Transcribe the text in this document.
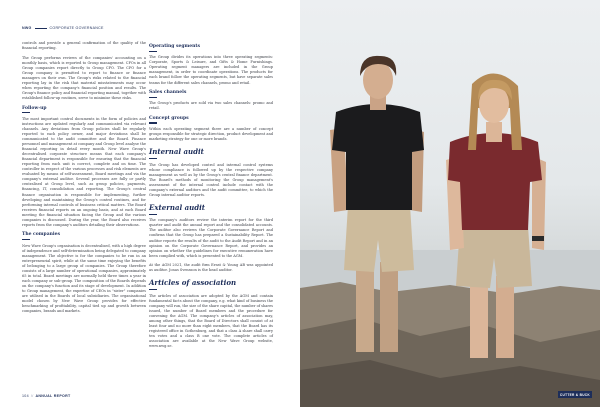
NWG	CORPORATE GOVERNANCE

controls and provide a general confirmation of the quality of the financial reporting.

The Group performs reviews of the companies' accounting on a monthly basis, which is reported to Group management. CFOs in all Group companies report directly to Group CFO. The CFO for a Group company is permitted to report to finance or finance managers on their own. The Group's risks related to the financial reporting lay in the risk that material misstatements may occur when reporting the company's financial position and results. The Group's finance policy and financial reporting manual, together with established follow-up routines, serve to minimise these risks.

Follow-up

The most important control documents in the form of policies and instructions are updated regularly and communicated via relevant channels. Any deviations from Group policies shall be regularly reported to each policy owner, and major deviations shall be communicated to the audit committee and the Board. Finance personnel and management at company and Group level analyse the financial reporting in detail every month. New Wave Group's decentralised corporate structure means that each company's financial department is responsible for ensuring that the financial reporting from each unit is correct, complete and on time. The controller in respect of the various processes and risk elements are evaluated by means of self-assessment, Board meetings and via the company's external auditor. Several processes are fully or partly centralised at Group level, such as group policies, payments, financing, IT, consolidation and reporting. The Group's central finance organisation is responsible for implementing, further developing and maintaining the Group's control routines, and for performing internal controls of business critical matters. The Board receives financial reports on an ongoing basis, and at each Board meeting the financial situation facing the Group and the various companies is discussed. During the year, the Board also receives reports from the company's auditors detailing their observations.

The companies

New Wave Group's organisation is decentralised, with a high degree of independence and self-determination being delegated to company management. The objective is for the companies to be run in an entrepreneurial spirit, while at the same time enjoying the benefits of belonging to a large group of companies. The Group therefore consists of a large number of operational companies, approximately 65 in total. Board meetings are normally held three times a year in each company or sub-group. The composition of the Boards depends on the company's function and its stage of development. In addition to Group management, the expertise of CEOs in "sister" companies are utilised in the Boards of local subsidiaries. The organisational model chosen by New Wave Group provides for effective benchmarking of profitability, capital tied up and growth between companies, brands and markets.

Operating segments

The Group divides its operations into three operating segments: Corporate, Sports & Leisure, and Gifts & Home Furnishings. Operating segment managers are included in the Group management, in order to coordinate operations. The products for each brand follow the operating segments, but have separate sales teams for the different sales channels, promo and retail.

Sales channels

The Group's products are sold via two sales channels: promo and retail.

Concept groups

Within each operating segment there are a number of concept groups responsible for strategic direction, product development and marketing strategy for one or more brands.

Internal audit

The Group has developed control and internal control systems whose compliance is followed up by the respective company management as well as by the Group's central finance department. The Board's methods of monitoring the Group management's assessment of the internal control include contact with the company's external auditors and the audit committee, to which the Group internal auditor reports.

External audit

The company's auditors review the interim report for the third quarter and audit the annual report and the consolidated accounts. The auditor also reviews the Corporate Governance Report and confirms that the Group has prepared a Sustainability Report. The auditor reports the results of the audit to the Audit Report and in an opinion on the Corporate Governance Report, and provides an opinion on whether the guidelines for executive remuneration have been complied with, which is presented to the AGM.

At the AGM 2021, the audit firm Ernst & Young AB was appointed as auditor. Jonas Svensson is the head auditor.

Articles of association

The articles of association are adopted by the AGM and contain fundamental facts about the company, e.g. what kind of business the company will run, the size of the share capital, the number of shares issued, the number of Board members and the procedure for convening the AGM. The company's articles of association may, among other things, that the Board of Directors shall consist of at least four and no more than eight members, that the Board has its registered office in Gothenburg, and that a class A share shall carry ten votes and a class B one vote. The complete articles of association are available at the New Wave Group website, www.nwg.se.

104 // ANNUAL REPORT	CUTTER & BUCK
